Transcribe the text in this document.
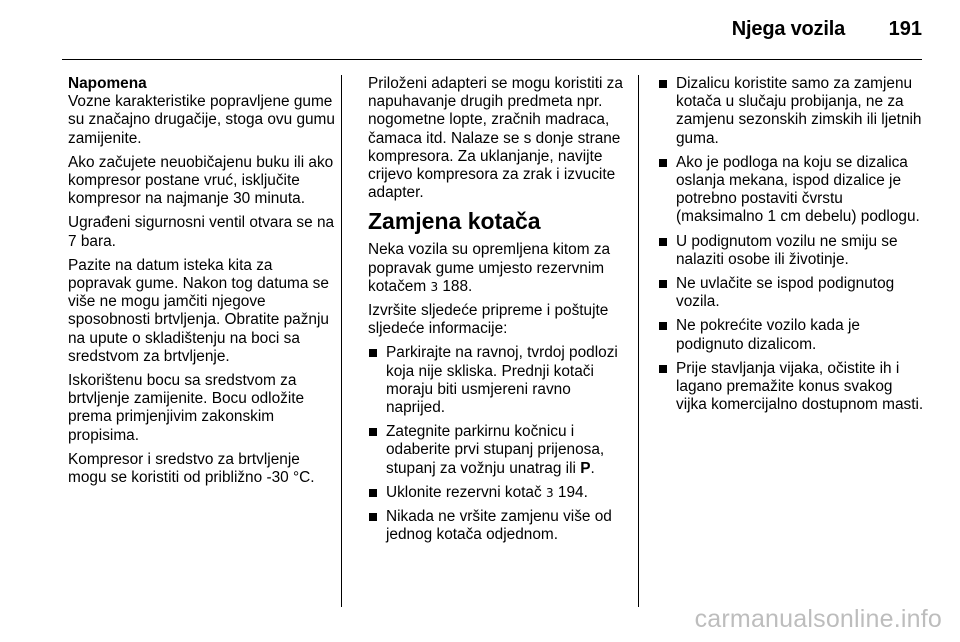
Njega vozila 191
Napomena

Vozne karakteristike popravljene gume su značajno drugačije, stoga ovu gumu zamijenite.

Ako začujete neuobičajenu buku ili ako kompresor postane vruć, isključite kompresor na najmanje 30 minuta.

Ugrađeni sigurnosni ventil otvara se na 7 bara.

Pazite na datum isteka kita za popravak gume. Nakon tog datuma se više ne mogu jamčiti njegove sposobnosti brtvljenja. Obratite pažnju na upute o skladištenju na boci sa sredstvom za brtvljenje.

Iskorištenu bocu sa sredstvom za brtvljenje zamijenite. Bocu odložite prema primjenjivim zakonskim propisima.

Kompresor i sredstvo za brtvljenje mogu se koristiti od približno -30 °C.

Priloženi adapteri se mogu koristiti za napuhavanje drugih predmeta npr. nogometne lopte, zračnih madraca, čamaca itd. Nalaze se s donje strane kompresora. Za uklanjanje, navijte crijevo kompresora za zrak i izvucite adapter.

Zamjena kotača

Neka vozila su opremljena kitom za popravak gume umjesto rezervnim kotačem 3 188.

Izvršite sljedeće pripreme i poštujte sljedeće informacije:

Parkirajte na ravnoj, tvrdoj podlozi koja nije skliska. Prednji kotači moraju biti usmjereni ravno naprijed.
Zategnite parkirnu kočnicu i odaberite prvi stupanj prijenosa, stupanj za vožnju unatrag ili P.
Uklonite rezervni kotač 3 194.
Nikada ne vršite zamjenu više od jednog kotača odjednom.
Dizalicu koristite samo za zamjenu kotača u slučaju probijanja, ne za zamjenu sezonskih zimskih ili ljetnih guma.
Ako je podloga na koju se dizalica oslanja mekana, ispod dizalice je potrebno postaviti čvrstu (maksimalno 1 cm debelu) podlogu.
U podignutom vozilu ne smiju se nalaziti osobe ili životinje.
Ne uvlačite se ispod podignutog vozila.
Ne pokrećite vozilo kada je podignuto dizalicom.
Prije stavljanja vijaka, očistite ih i lagano premažite konus svakog vijka komercijalno dostupnom masti.
carmanualsonline.info
